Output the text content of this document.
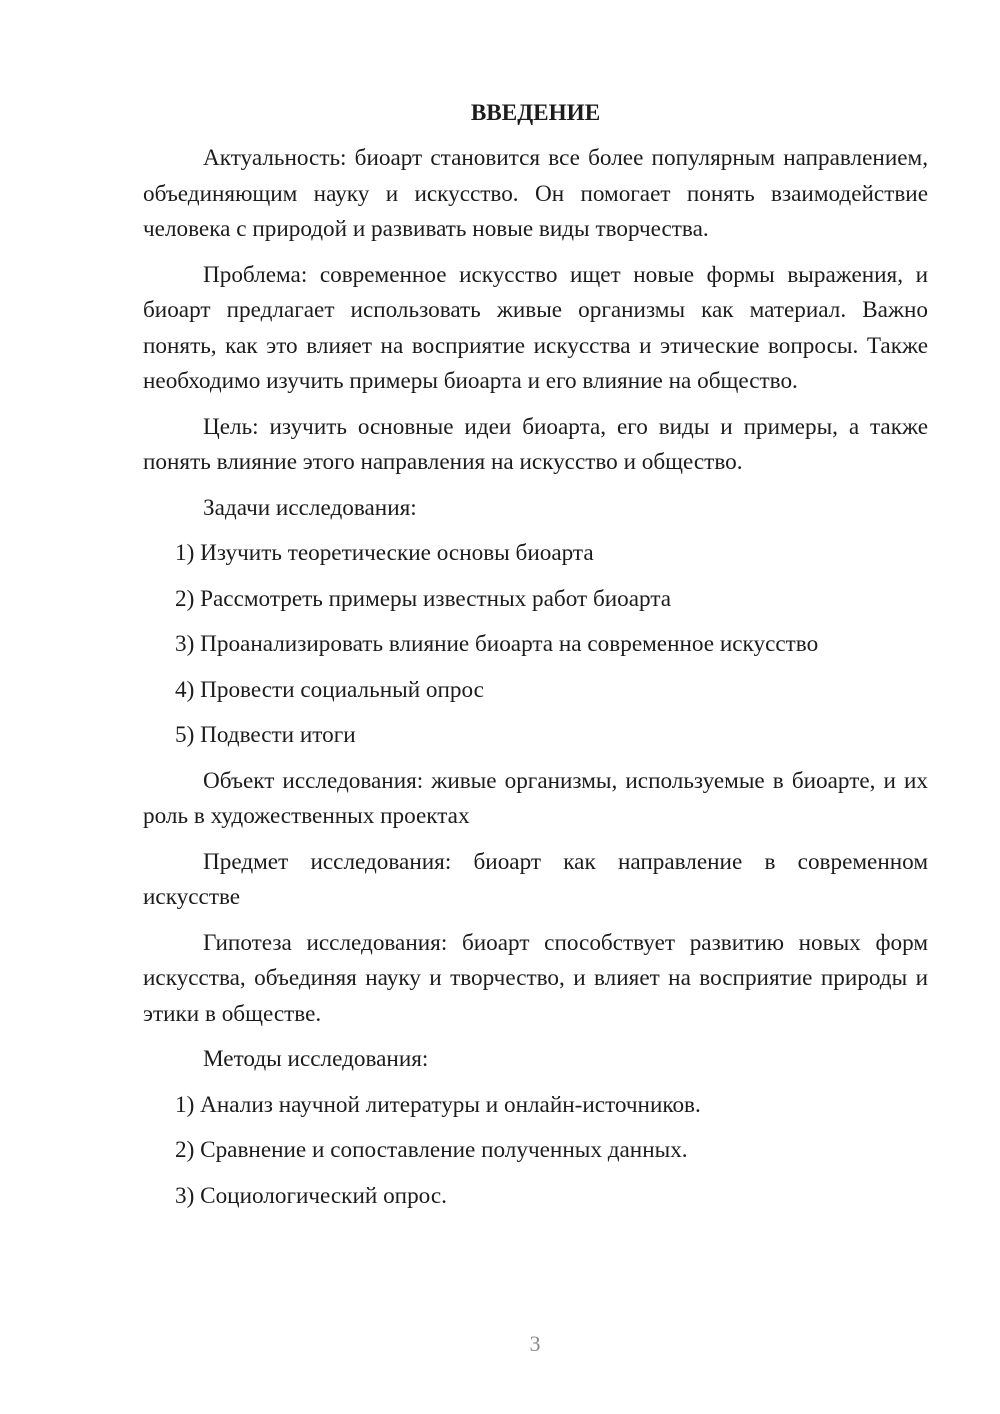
ВВЕДЕНИЕ
Актуальность: биоарт становится все более популярным направлением, объединяющим науку и искусство. Он помогает понять взаимодействие человека с природой и развивать новые виды творчества.
Проблема: современное искусство ищет новые формы выражения, и биоарт предлагает использовать живые организмы как материал. Важно понять, как это влияет на восприятие искусства и этические вопросы. Также необходимо изучить примеры биоарта и его влияние на общество.
Цель: изучить основные идеи биоарта, его виды и примеры, а также понять влияние этого направления на искусство и общество.
Задачи исследования:
1) Изучить теоретические основы биоарта
2) Рассмотреть примеры известных работ биоарта
3) Проанализировать влияние биоарта на современное искусство
4) Провести социальный опрос
5) Подвести итоги
Объект исследования: живые организмы, используемые в биоарте, и их роль в художественных проектах
Предмет исследования: биоарт как направление в современном искусстве
Гипотеза исследования: биоарт способствует развитию новых форм искусства, объединяя науку и творчество, и влияет на восприятие природы и этики в обществе.
Методы исследования:
1) Анализ научной литературы и онлайн-источников.
2) Сравнение и сопоставление полученных данных.
3) Социологический опрос.
3
